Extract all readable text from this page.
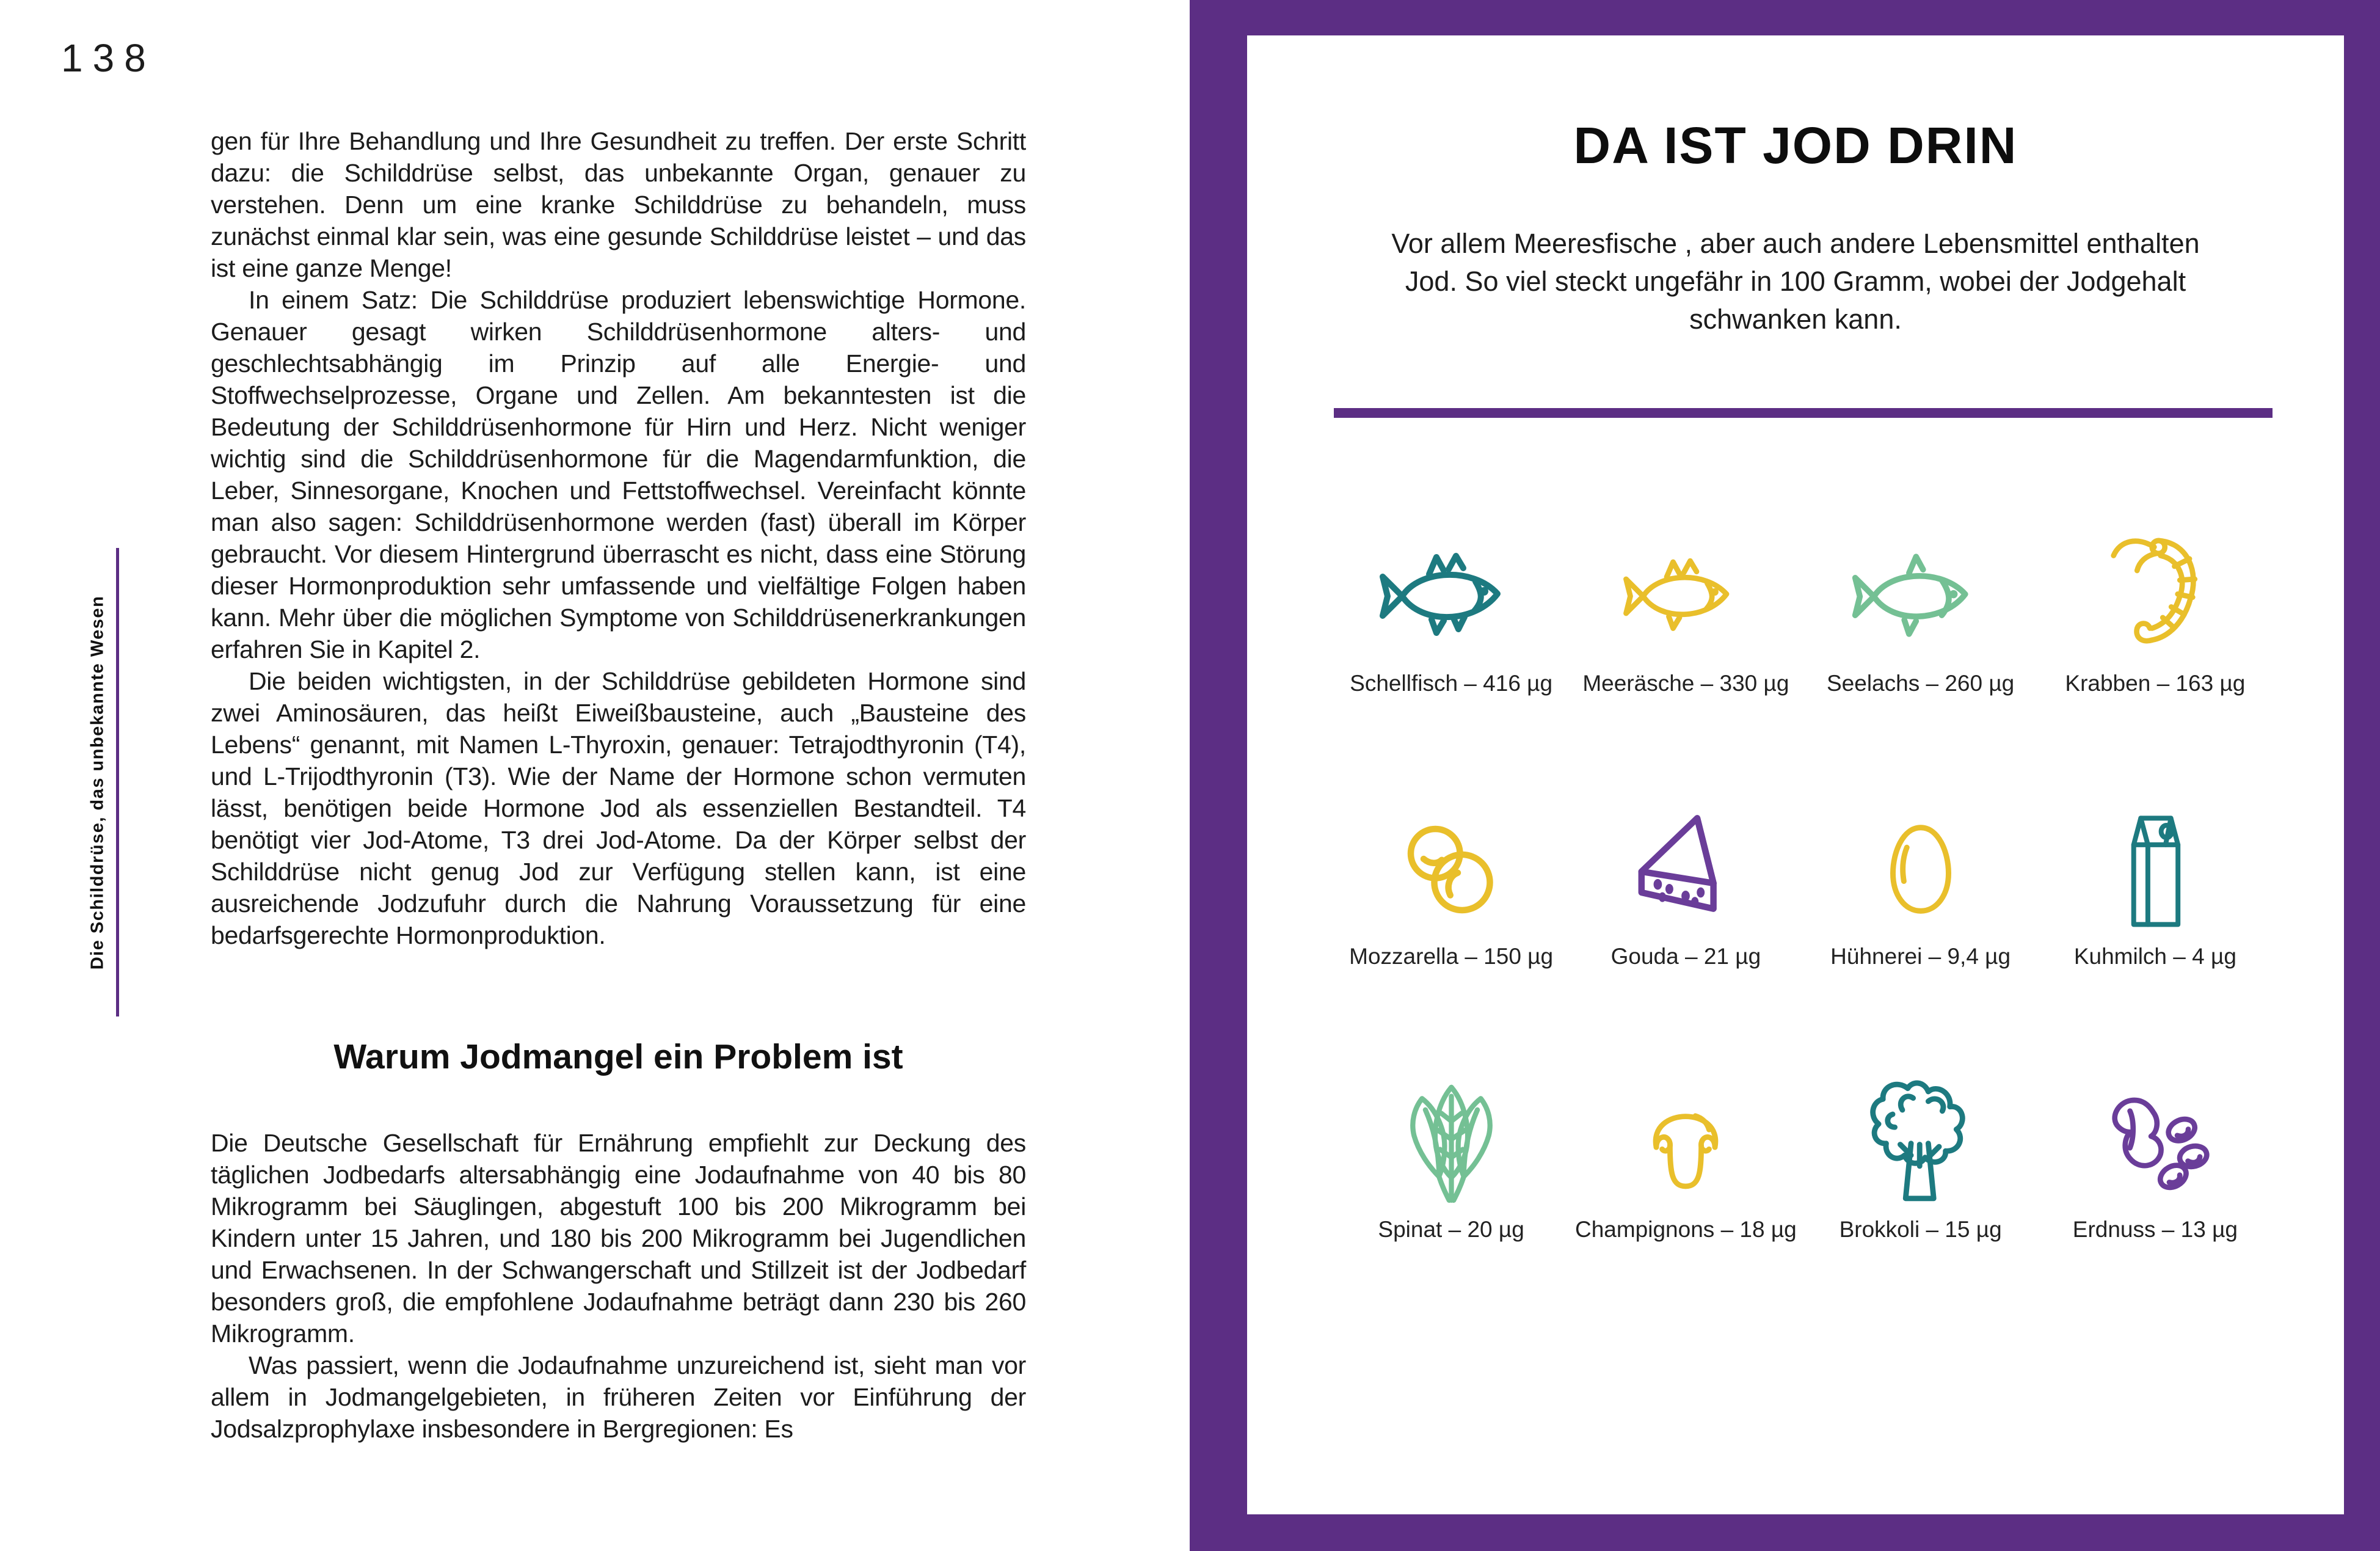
138
Die Schilddrüse, das unbekannte Wesen

gen für Ihre Behandlung und Ihre Gesundheit zu treffen. Der erste Schritt dazu: die Schilddrüse selbst, das unbekannte Organ, genauer zu verstehen. Denn um eine kranke Schilddrüse zu behandeln, muss zunächst einmal klar sein, was eine gesunde Schilddrüse leistet – und das ist eine ganze Menge!

In einem Satz: Die Schilddrüse produziert lebenswichtige Hormone. Genauer gesagt wirken Schilddrüsenhormone alters- und geschlechtsabhängig im Prinzip auf alle Energie- und Stoffwechselprozesse, Organe und Zellen. Am bekanntesten ist die Bedeutung der Schilddrüsenhormone für Hirn und Herz. Nicht weniger wichtig sind die Schilddrüsenhormone für die Magendarmfunktion, die Leber, Sinnesorgane, Knochen und Fettstoffwechsel. Vereinfacht könnte man also sagen: Schilddrüsenhormone werden (fast) überall im Körper gebraucht. Vor diesem Hintergrund überrascht es nicht, dass eine Störung dieser Hormonproduktion sehr umfassende und vielfältige Folgen haben kann. Mehr über die möglichen Symptome von Schilddrüsenerkrankungen erfahren Sie in Kapitel 2.

Die beiden wichtigsten, in der Schilddrüse gebildeten Hormone sind zwei Aminosäuren, das heißt Eiweißbausteine, auch „Bausteine des Lebens“ genannt, mit Namen L-Thyroxin, genauer: Tetrajodthyronin (T4), und L-Trijodthyronin (T3). Wie der Name der Hormone schon vermuten lässt, benötigen beide Hormone Jod als essenziellen Bestandteil. T4 benötigt vier Jod-Atome, T3 drei Jod-Atome. Da der Körper selbst der Schilddrüse nicht genug Jod zur Verfügung stellen kann, ist eine ausreichende Jodzufuhr durch die Nahrung Voraussetzung für eine bedarfsgerechte Hormonproduktion.

Warum Jodmangel ein Problem ist

Die Deutsche Gesellschaft für Ernährung empfiehlt zur Deckung des täglichen Jodbedarfs altersabhängig eine Jodaufnahme von 40 bis 80 Mikrogramm bei Säuglingen, abgestuft 100 bis 200 Mikrogramm bei Kindern unter 15 Jahren, und 180 bis 200 Mikrogramm bei Jugendlichen und Erwachsenen. In der Schwangerschaft und Stillzeit ist der Jodbedarf besonders groß, die empfohlene Jodaufnahme beträgt dann 230 bis 260 Mikrogramm.

Was passiert, wenn die Jodaufnahme unzureichend ist, sieht man vor allem in Jodmangelgebieten, in früheren Zeiten vor Einführung der Jodsalzprophylaxe insbesondere in Bergregionen: Es

DA IST JOD DRIN
Vor allem Meeresfische , aber auch andere Lebensmittel enthalten Jod. So viel steckt ungefähr in 100 Gramm, wobei der Jodgehalt schwanken kann.
Schellfisch – 416 µg Meeräsche – 330 µg Seelachs – 260 µg Krabben – 163 µg
Mozzarella – 150 µg	Gouda – 21 µg	Hühnerei – 9,4 µg	Kuhmilch – 4 µg
Spinat – 20 µg Champignons – 18 µg Brokkoli – 15 µg	Erdnuss – 13 µg
